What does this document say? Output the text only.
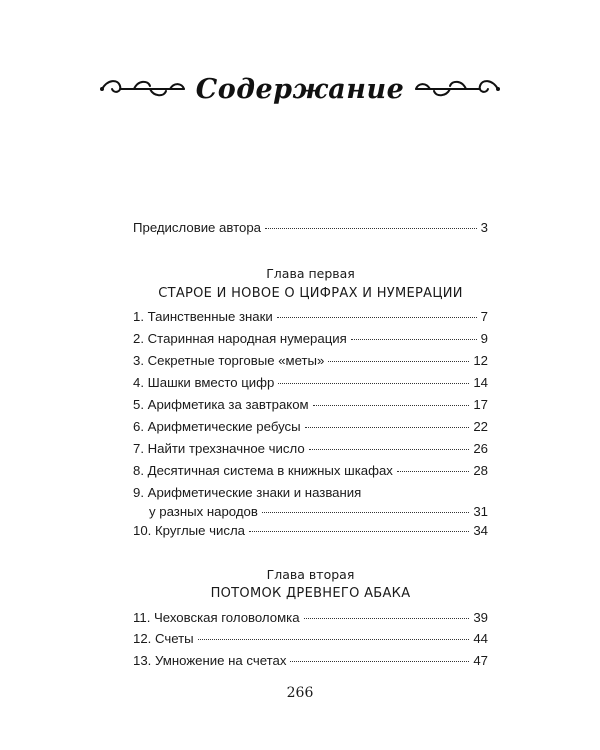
Содержание
Предисловие автора	3
Глава первая
СТАРОЕ И НОВОЕ О ЦИФРАХ И НУМЕРАЦИИ
1. Таинственные знаки	7
2. Старинная народная нумерация	9
3. Секретные торговые «меты»	12
4. Шашки вместо цифр	14
5. Арифметика за завтраком	17
6. Арифметические ребусы	22
7. Найти трехзначное число	26
8. Десятичная система в книжных шкафах	28
9. Арифметические знаки и названия
у разных народов	31
10. Круглые числа	34
Глава вторая
ПОТОМОК ДРЕВНЕГО АБАКА
11. Чеховская головоломка	39
12. Счеты	44
13. Умножение на счетах	47
266
